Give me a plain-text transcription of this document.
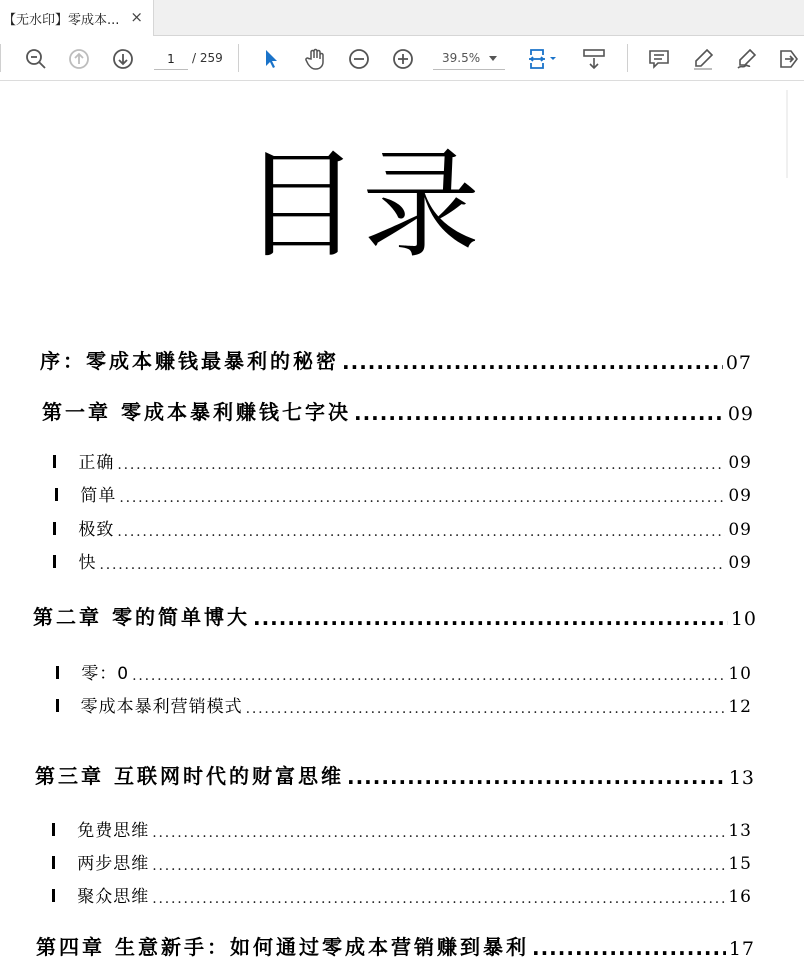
【无水印】零成本... ×
1
/ 259	39.5%
目录
序：零成本赚钱最暴利的秘密 .....	07
第一章 零成本暴利赚钱七字决 .....	09
正确 .....	09
简单 .....	09
极致 .....	09
快 .....	09
第二章 零的简单博大 .....	10
零：0 .....	10
零成本暴利营销模式 .....	12
第三章 互联网时代的财富思维 .....	13
免费思维 .....	13
两步思维 .....	15
聚众思维 .....	16
第四章 生意新手：如何通过零成本营销赚到暴利 .....	17
